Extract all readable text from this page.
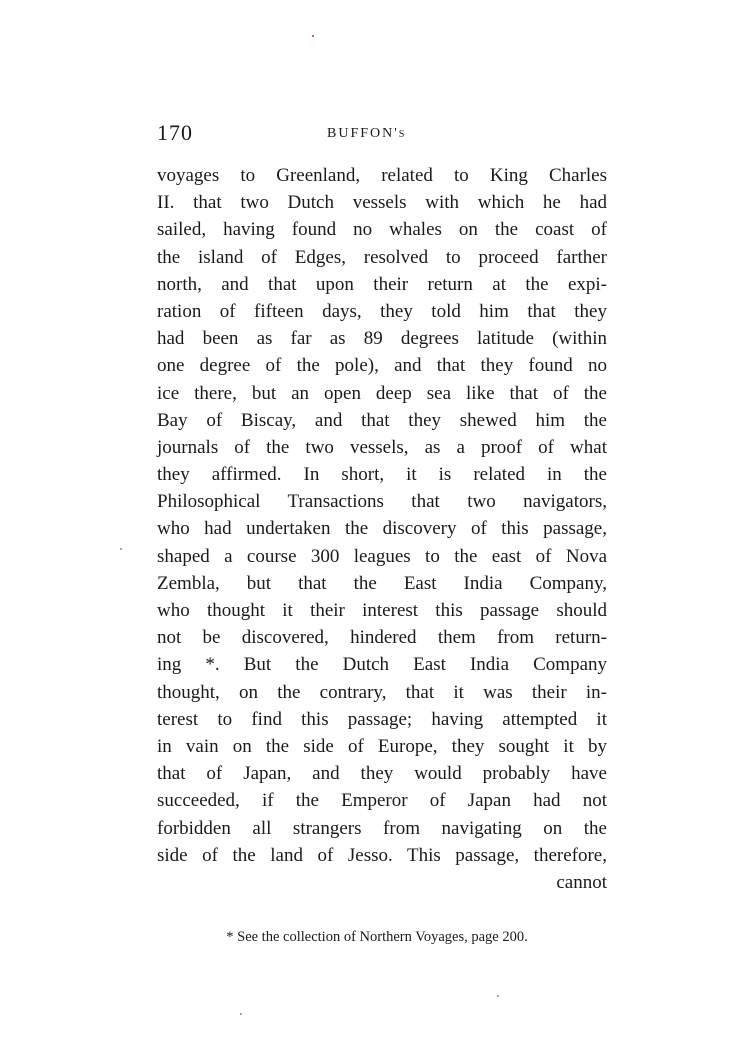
170	BUFFON's
voyages to Greenland, related to King Charles
II. that two Dutch vessels with which he had
sailed, having found no whales on the coast of
the island of Edges, resolved to proceed farther
north, and that upon their return at the expi-
ration of fifteen days, they told him that they
had been as far as 89 degrees latitude (within
one degree of the pole), and that they found no
ice there, but an open deep sea like that of the
Bay of Biscay, and that they shewed him the
journals of the two vessels, as a proof of what
they affirmed. In short, it is related in the
Philosophical Transactions that two navigators,
who had undertaken the discovery of this passage,
shaped a course 300 leagues to the east of Nova
Zembla, but that the East India Company,
who thought it their interest this passage should
not be discovered, hindered them from return-
ing *. But the Dutch East India Company
thought, on the contrary, that it was their in-
terest to find this passage; having attempted it
in vain on the side of Europe, they sought it by
that of Japan, and they would probably have
succeeded, if the Emperor of Japan had not
forbidden all strangers from navigating on the
side of the land of Jesso. This passage, therefore,
cannot
* See the collection of Northern Voyages, page 200.
